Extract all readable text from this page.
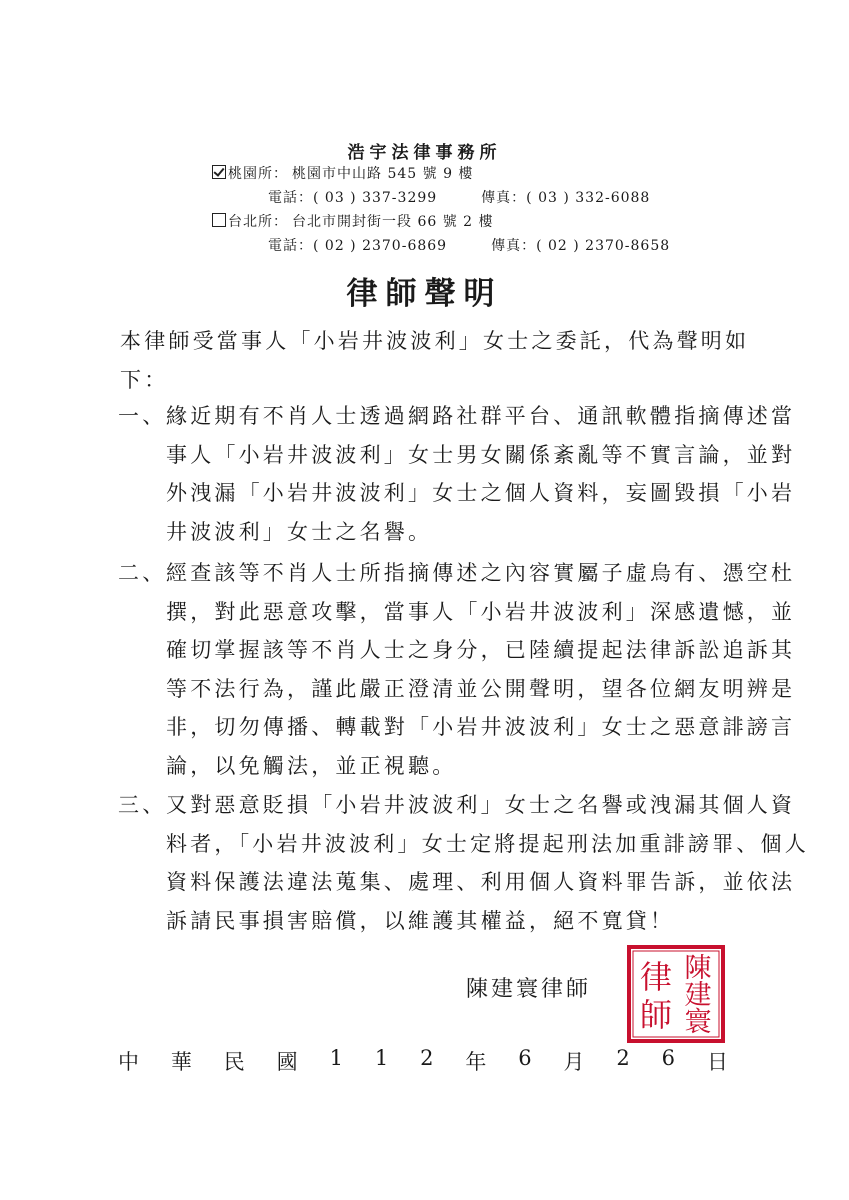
浩宇法律事務所
桃園所： 桃園市中山路 545 號 9 樓
電話：( 03 ) 337-3299	傳真：( 03 ) 332-6088
台北所： 台北市開封街一段 66 號 2 樓
電話：( 02 ) 2370-6869	傳真：( 02 ) 2370-8658
律師聲明
本律師受當事人「小岩井波波利」女士之委託，代為聲明如下：
一、緣近期有不肖人士透過網路社群平台、通訊軟體指摘傳述當事人「小岩井波波利」女士男女關係紊亂等不實言論，並對外洩漏「小岩井波波利」女士之個人資料，妄圖毀損「小岩井波波利」女士之名譽。
二、經查該等不肖人士所指摘傳述之內容實屬子虛烏有、憑空杜撰，對此惡意攻擊，當事人「小岩井波波利」深感遺憾，並確切掌握該等不肖人士之身分，已陸續提起法律訴訟追訴其等不法行為，謹此嚴正澄清並公開聲明，望各位網友明辨是非，切勿傳播、轉載對「小岩井波波利」女士之惡意誹謗言論，以免觸法，並正視聽。
三、又對惡意貶損「小岩井波波利」女士之名譽或洩漏其個人資料者，「小岩井波波利」女士定將提起刑法加重誹謗罪、個人資料保護法違法蒐集、處理、利用個人資料罪告訴，並依法訴請民事損害賠償，以維護其權益，絕不寬貸！
陳建寰律師
陳
建
寰
律
師
中 華 民 國 1 1 2 年 6 月 2 6 日
